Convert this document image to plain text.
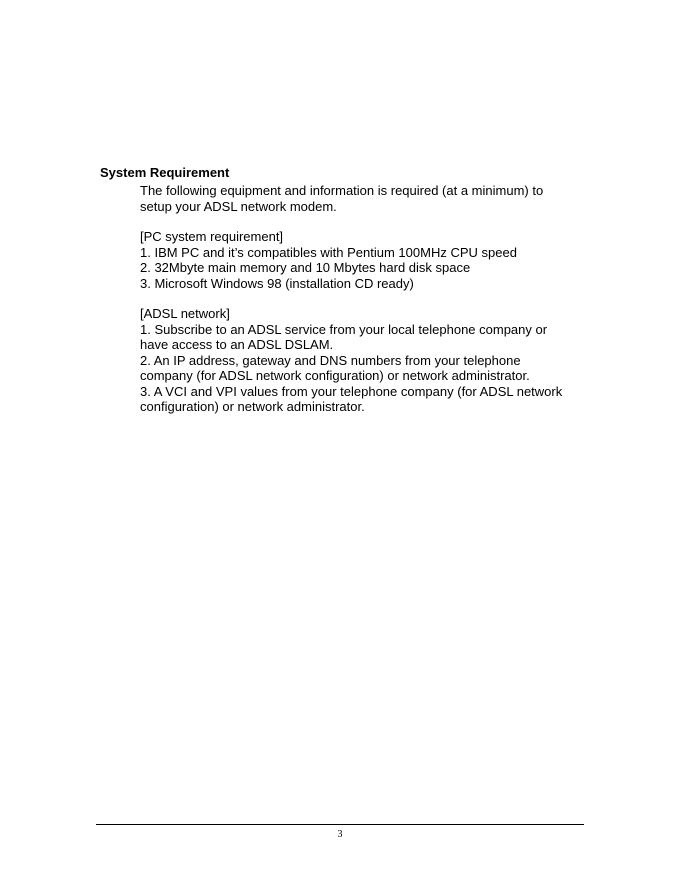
System Requirement
The following equipment and information is required (at a minimum) to
setup your ADSL network modem.
[PC system requirement]
1. IBM PC and it’s compatibles with Pentium 100MHz CPU speed
2. 32Mbyte main memory and 10 Mbytes hard disk space
3. Microsoft Windows 98 (installation CD ready)
[ADSL network]
1. Subscribe to an ADSL service from your local telephone company or
have access to an ADSL DSLAM.
2. An IP address, gateway and DNS numbers from your telephone
company (for ADSL network configuration) or network administrator.
3. A VCI and VPI values from your telephone company (for ADSL network
configuration) or network administrator.
3
